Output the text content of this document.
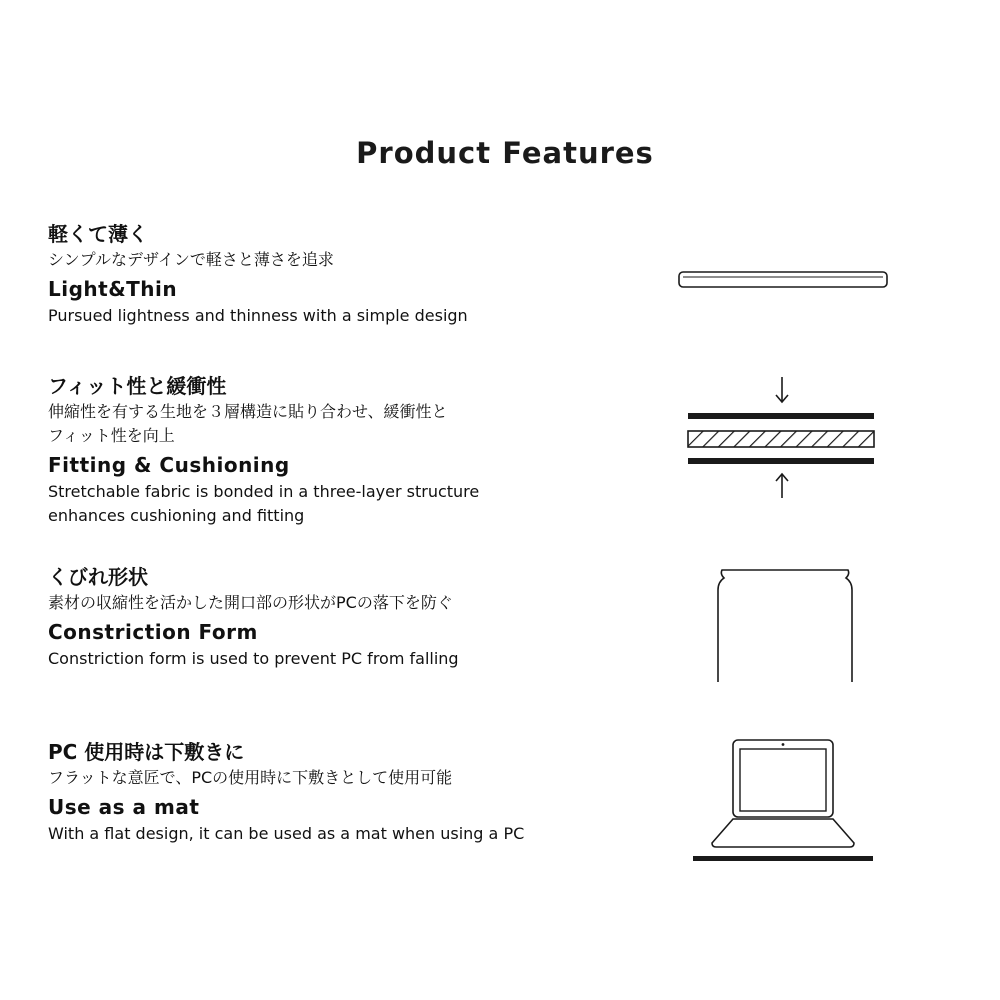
Product Features
軽くて薄く
シンプルなデザインで軽さと薄さを追求
Light&Thin
Pursued lightness and thinness with a simple design
フィット性と緩衝性
伸縮性を有する生地を３層構造に貼り合わせ、緩衝性と
フィット性を向上
Fitting & Cushioning
Stretchable fabric is bonded in a three-layer structure
enhances cushioning and fitting
くびれ形状
素材の収縮性を活かした開口部の形状がPCの落下を防ぐ
Constriction Form
Constriction form is used to prevent PC from falling
PC 使用時は下敷きに
フラットな意匠で、PCの使用時に下敷きとして使用可能
Use as a mat
With a flat design, it can be used as a mat when using a PC
